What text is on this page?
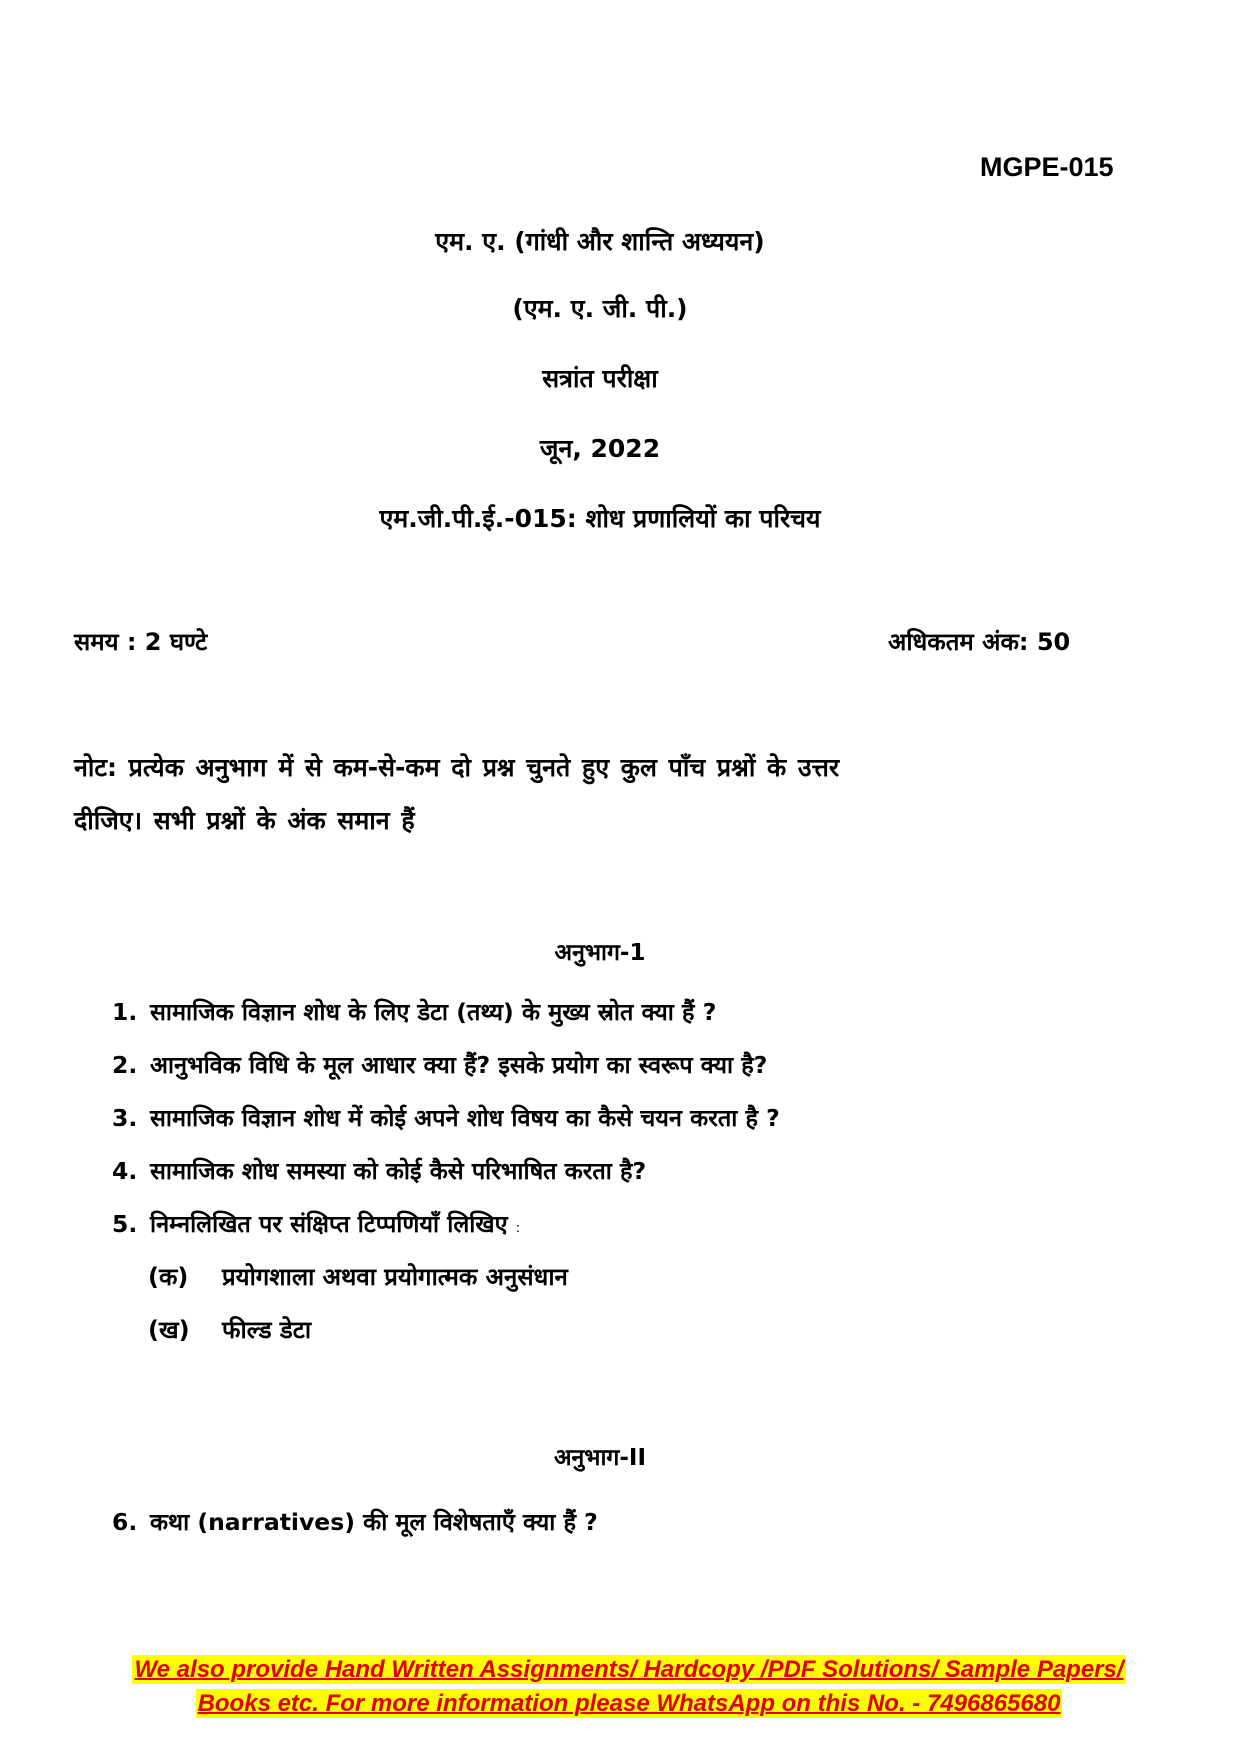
MGPE-015
एम. ए. (गांधी और शान्ति अध्ययन)
(एम. ए. जी. पी.)
सत्रांत परीक्षा
जून, 2022
एम.जी.पी.ई.-015: शोध प्रणालियों का परिचय
समय : 2 घण्टे	अधिकतम अंक: 50
नोट: प्रत्येक अनुभाग में से कम-से-कम दो प्रश्न चुनते हुए कुल पाँच प्रश्नों के उत्तर
दीजिए। सभी प्रश्नों के अंक समान हैं
अनुभाग-1
1. सामाजिक विज्ञान शोध के लिए डेटा (तथ्य) के मुख्य स्रोत क्या हैं ?
2. आनुभविक विधि के मूल आधार क्या हैं? इसके प्रयोग का स्वरूप क्या है?
3. सामाजिक विज्ञान शोध में कोई अपने शोध विषय का कैसे चयन करता है ?
4. सामाजिक शोध समस्या को कोई कैसे परिभाषित करता है?
5. निम्नलिखित पर संक्षिप्त टिप्पणियाँ लिखिए :
(क) प्रयोगशाला अथवा प्रयोगात्मक अनुसंधान
(ख) फील्ड डेटा
अनुभाग-II
6. कथा (narratives) की मूल विशेषताएँ क्या हैं ?
We also provide Hand Written Assignments/ Hardcopy /PDF Solutions/ Sample Papers/
Books etc. For more information please WhatsApp on this No. - 7496865680
